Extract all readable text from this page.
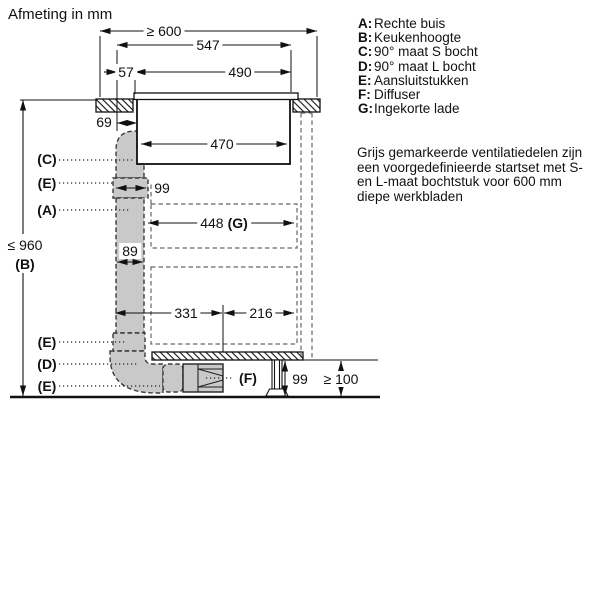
Afmeting in mm
≥ 600
547
57	490
69
470
99
448 (G)
89
≤ 960
(B)
331	216
99 ≥ 100
(C)
(E)
(A)
(E)
(D)
(E)	(F)
A: Rechte buis
B: Keukenhoogte
C: 90° maat S bocht
D: 90° maat L bocht
E: Aansluitstukken
F: Diffuser
G:Ingekorte lade
Grijs gemarkeerde ventilatiedelen zijn
een voorgedefinieerde startset met S-
en L-maat bochtstuk voor 600 mm
diepe werkbladen
